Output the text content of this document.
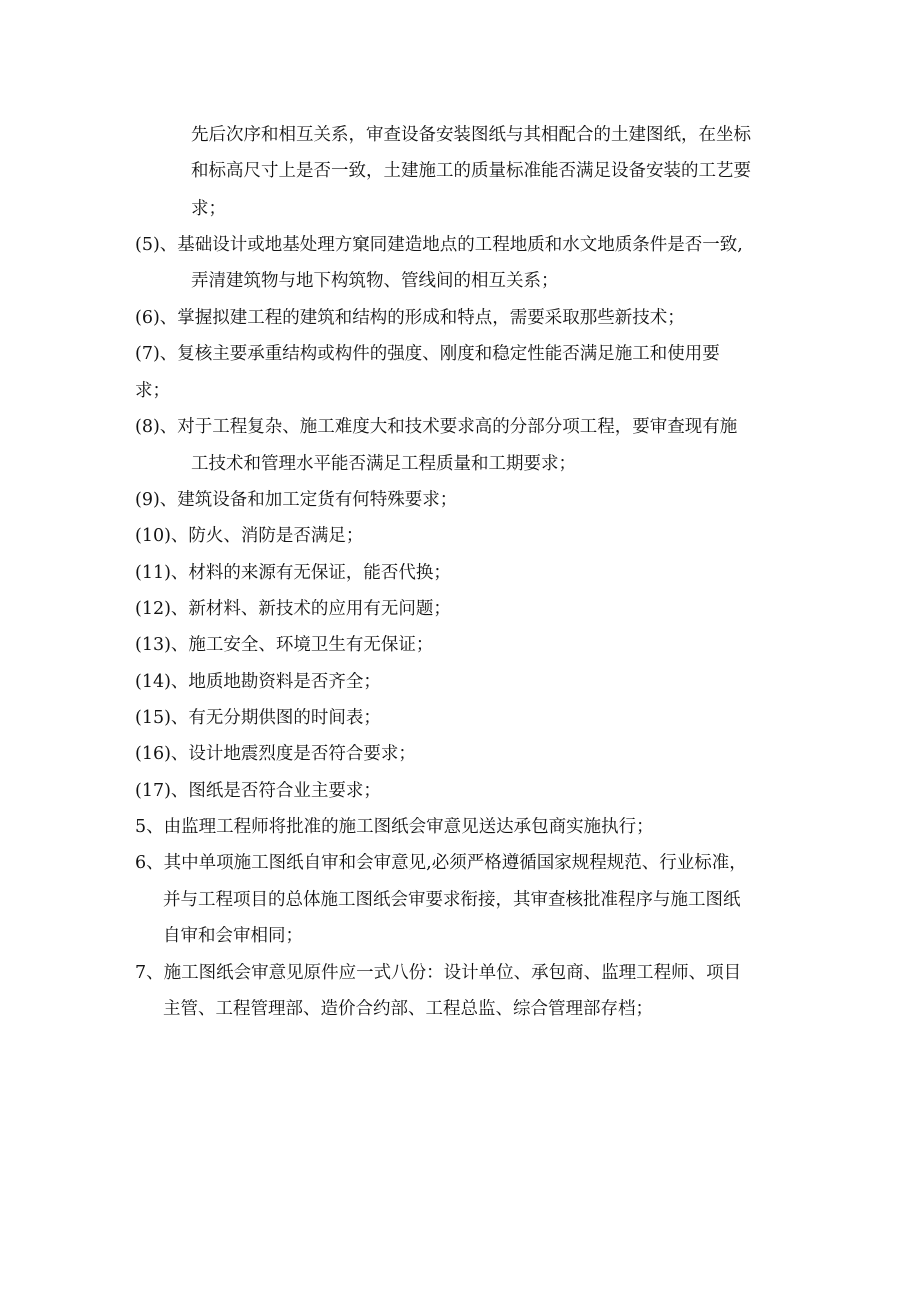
先后次序和相互关系，审查设备安装图纸与其相配合的土建图纸，在坐标
和标高尺寸上是否一致，土建施工的质量标准能否满足设备安装的工艺要
求；
(5)、基础设计或地基处理方窠同建造地点的工程地质和水文地质条件是否一致,
弄清建筑物与地下构筑物、管线间的相互关系；
(6)、掌握拟建工程的建筑和结构的形成和特点，需要采取那些新技术；
(7)、复核主要承重结构或构件的强度、刚度和稳定性能否满足施工和使用要
求；
(8)、对于工程复杂、施工难度大和技术要求高的分部分项工程，要审查现有施
工技术和管理水平能否满足工程质量和工期要求；
(9)、建筑设备和加工定货有何特殊要求；
(10)、防火、消防是否满足；
(11)、材料的来源有无保证，能否代换；
(12)、新材料、新技术的应用有无问题；
(13)、施工安全、环境卫生有无保证；
(14)、地质地勘资料是否齐全；
(15)、有无分期供图的时间表；
(16)、设计地震烈度是否符合要求；
(17)、图纸是否符合业主要求；
5、由监理工程师将批准的施工图纸会审意见送达承包商实施执行；
6、其中单项施工图纸自审和会审意见,必须严格遵循国家规程规范、行业标准，
并与工程项目的总体施工图纸会审要求衔接，其审查核批准程序与施工图纸
自审和会审相同；
7、施工图纸会审意见原件应一式八份：设计单位、承包商、监理工程师、项目
主管、工程管理部、造价合约部、工程总监、综合管理部存档；
